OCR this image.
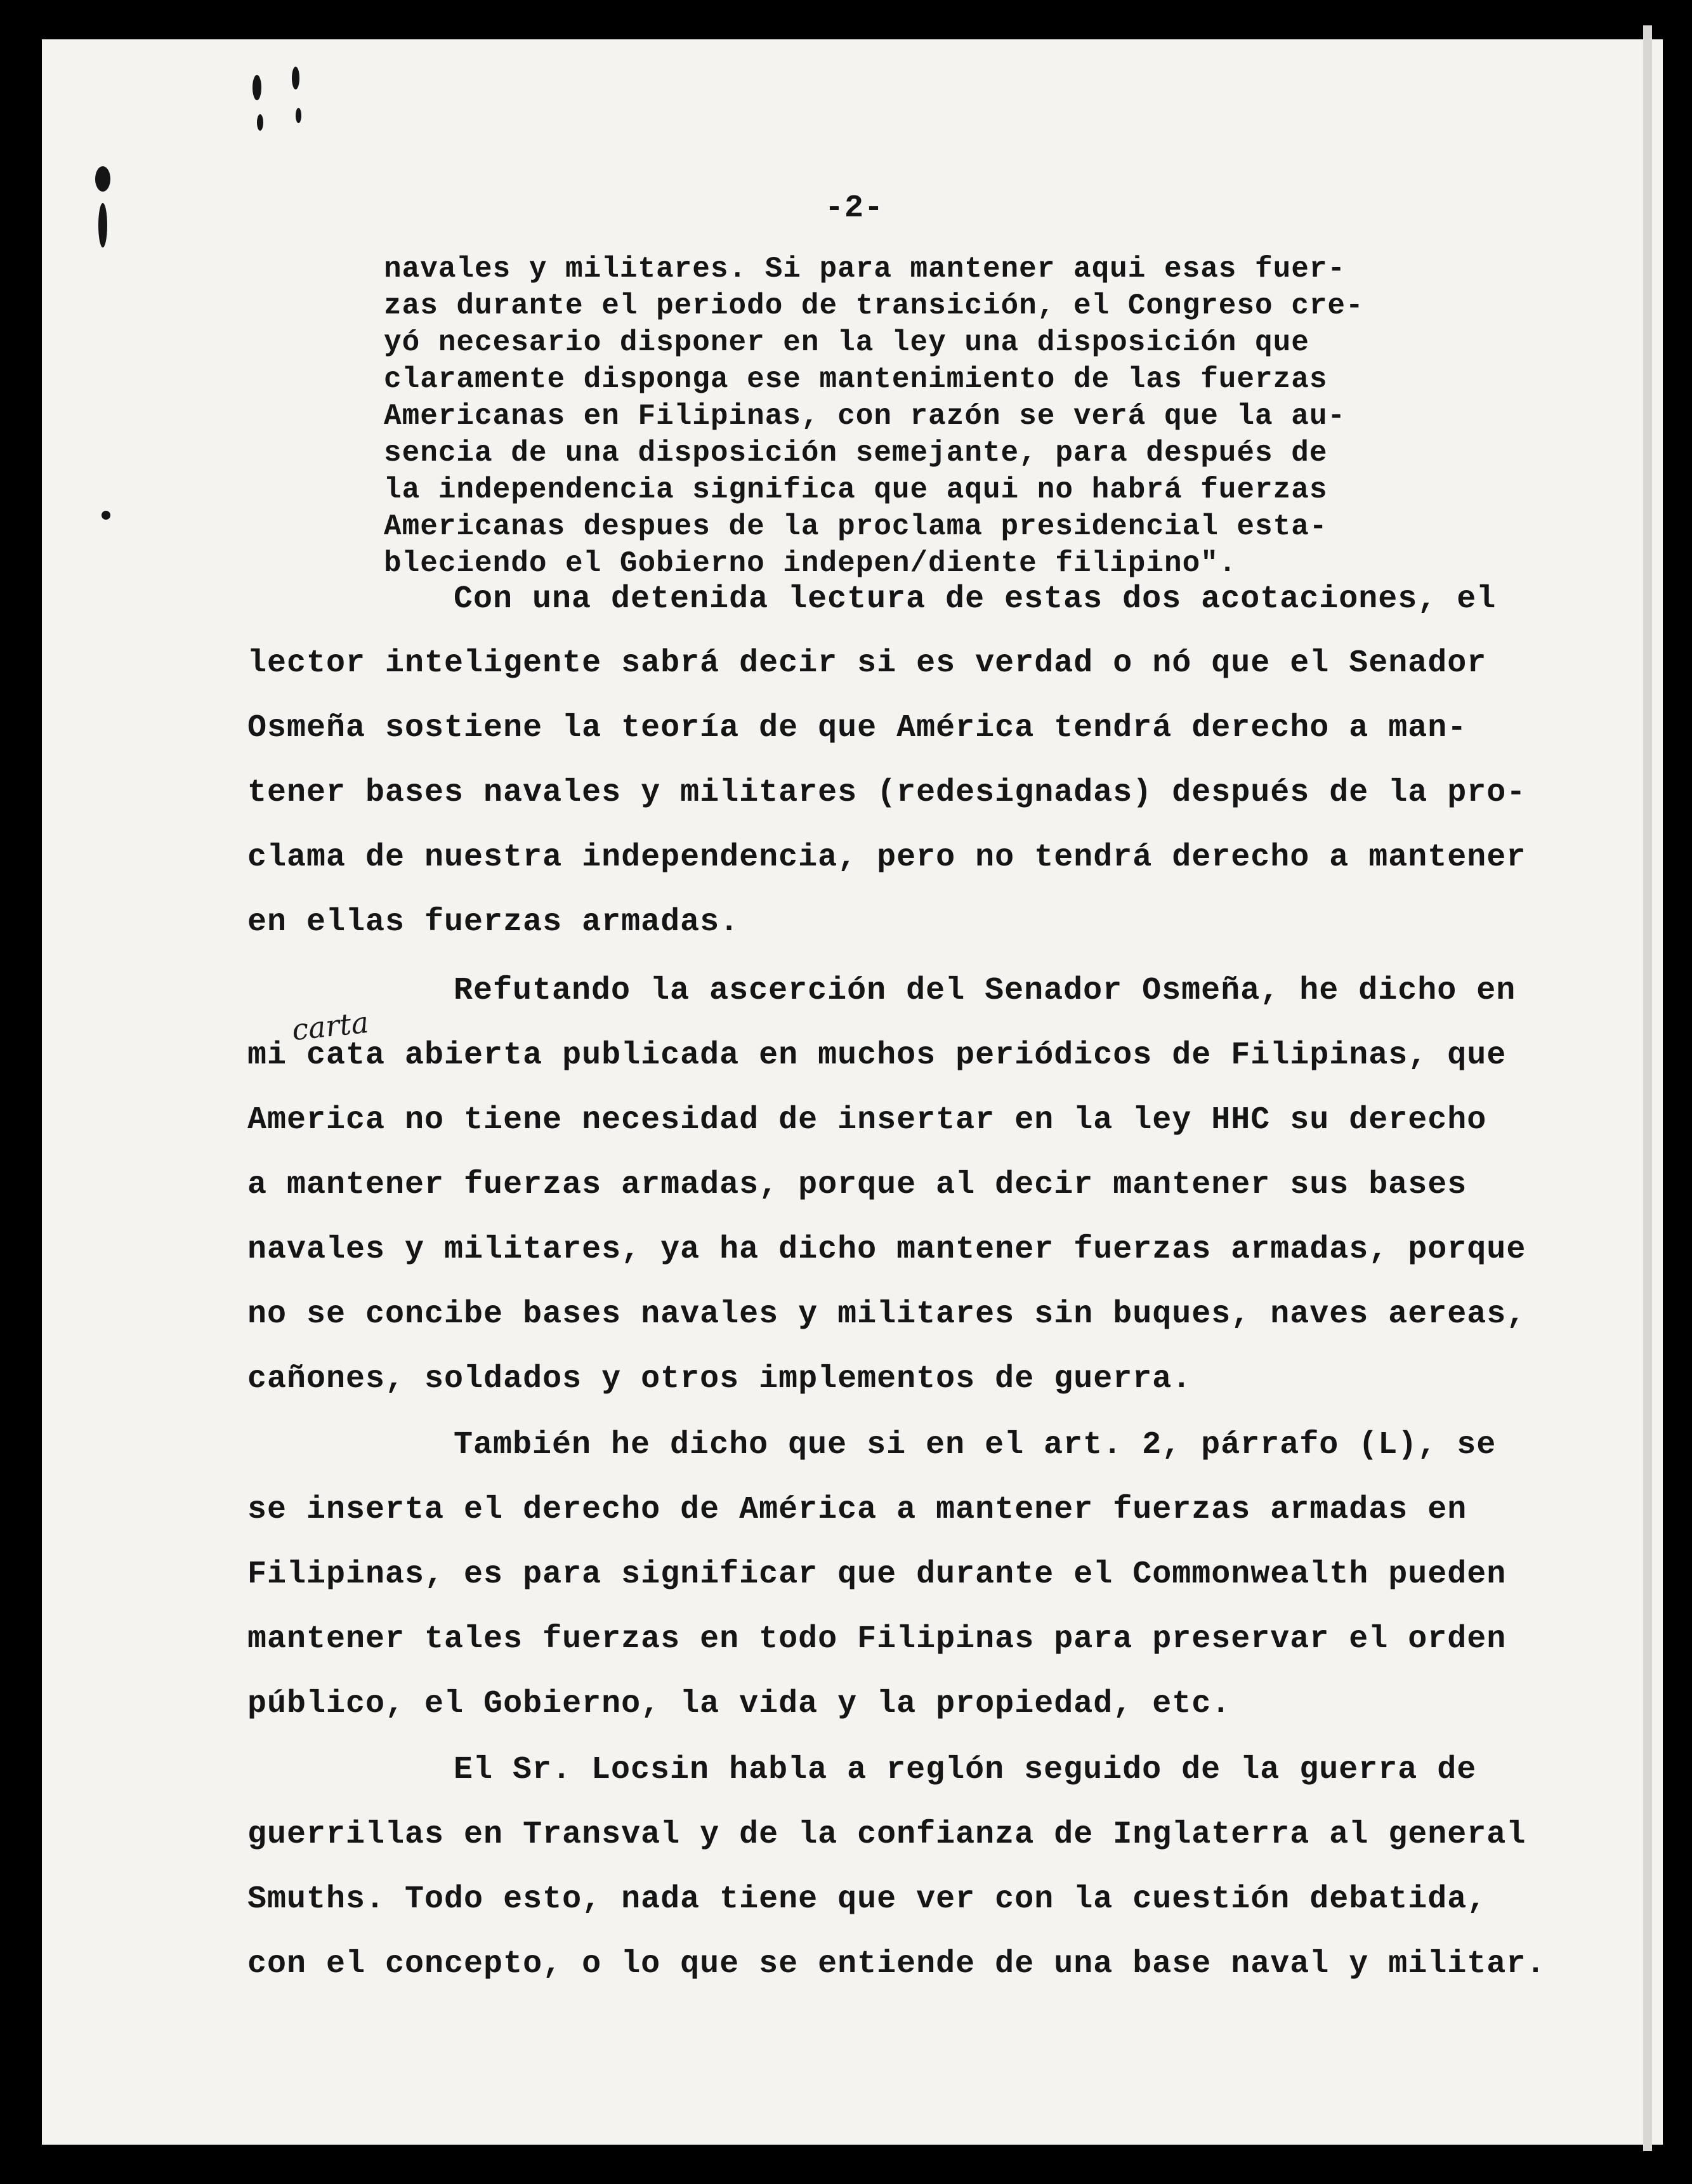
-2-
carta
navales y militares. Si para mantener aqui esas fuer-
zas durante el periodo de transición, el Congreso cre-
yó necesario disponer en la ley una disposición que
claramente disponga ese mantenimiento de las fuerzas
Americanas en Filipinas, con razón se verá que la au-
sencia de una disposición semejante, para después de
la independencia significa que aqui no habrá fuerzas
Americanas despues de la proclama presidencial esta-
bleciendo el Gobierno indepen/diente filipino".
Con una detenida lectura de estas dos acotaciones, el
lector inteligente sabrá decir si es verdad o nó que el Senador
Osmeña sostiene la teoría de que América tendrá derecho a man-
tener bases navales y militares (redesignadas) después de la pro-
clama de nuestra independencia, pero no tendrá derecho a mantener
en ellas fuerzas armadas.
Refutando la ascerción del Senador Osmeña, he dicho en
mi cata abierta publicada en muchos periódicos de Filipinas, que
America no tiene necesidad de insertar en la ley HHC su derecho
a mantener fuerzas armadas, porque al decir mantener sus bases
navales y militares, ya ha dicho mantener fuerzas armadas, porque
no se concibe bases navales y militares sin buques, naves aereas,
cañones, soldados y otros implementos de guerra.
También he dicho que si en el art. 2, párrafo (L), se
se inserta el derecho de América a mantener fuerzas armadas en
Filipinas, es para significar que durante el Commonwealth pueden
mantener tales fuerzas en todo Filipinas para preservar el orden
público, el Gobierno, la vida y la propiedad, etc.
El Sr. Locsin habla a reglón seguido de la guerra de
guerrillas en Transval y de la confianza de Inglaterra al general
Smuths. Todo esto, nada tiene que ver con la cuestión debatida,
con el concepto, o lo que se entiende de una base naval y militar.
